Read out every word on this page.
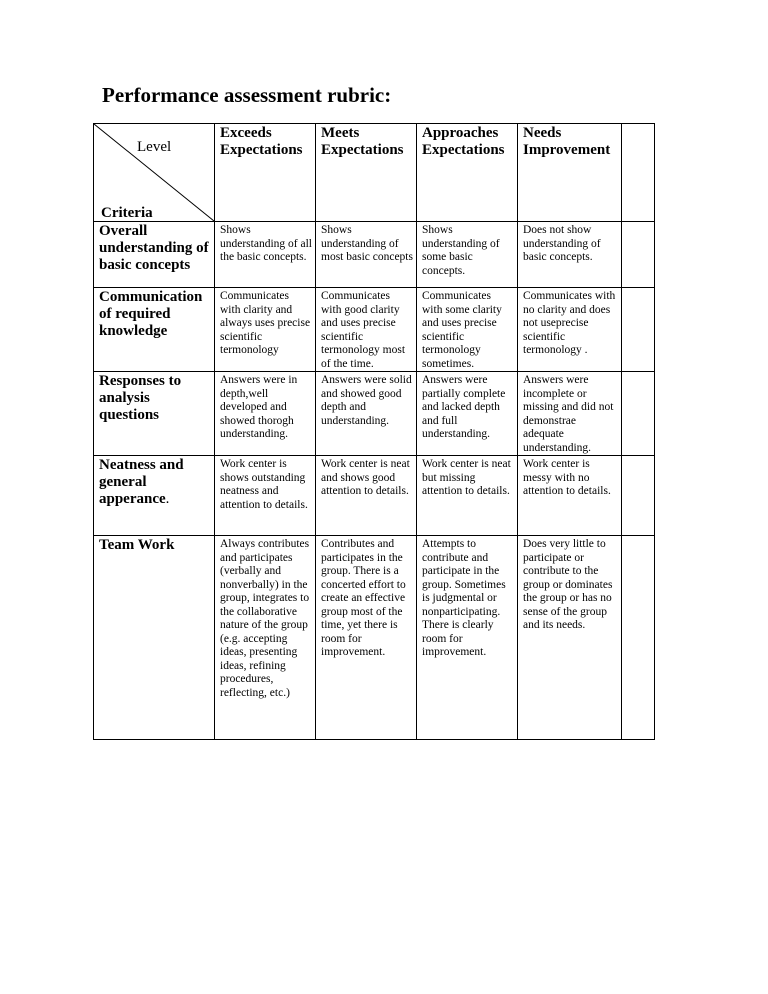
Performance assessment rubric:
Level
Criteria	Exceeds Expectations	Meets Expectations	Approaches Expectations	Needs Improvement	
Overall understanding of basic concepts	Shows understanding of all the basic concepts.	Shows understanding of most basic concepts	Shows understanding of some basic concepts.	Does not show understanding of basic concepts.	
Communication of required knowledge	Communicates with clarity and always uses precise scientific termonology	Communicates with good clarity and uses precise scientific termonology most of the time.	Communicates with some clarity and uses precise scientific termonology sometimes.	Communicates with no clarity and does not useprecise scientific termonology .	
Responses to analysis questions	Answers were in depth,well developed and showed thorogh understanding.	Answers were solid and showed good depth and understanding.	Answers were partially complete and lacked depth and full understanding.	Answers were incomplete or missing and did not demonstrae adequate understanding.	
Neatness and general apperance.	Work center is shows outstanding neatness and attention to details.	Work center is neat and shows good attention to details.	Work center is neat but missing attention to details.	Work center is messy with no attention to details.	
Team Work	Always contributes and participates (verbally and nonverbally) in the group, integrates to the collaborative nature of the group (e.g. accepting ideas, presenting ideas, refining procedures, reflecting, etc.)	Contributes and participates in the group. There is a concerted effort to create an effective group most of the time, yet there is room for improvement.	Attempts to contribute and participate in the group. Sometimes is judgmental or nonparticipating. There is clearly room for improvement.	Does very little to participate or contribute to the group or dominates the group or has no sense of the group and its needs.	
